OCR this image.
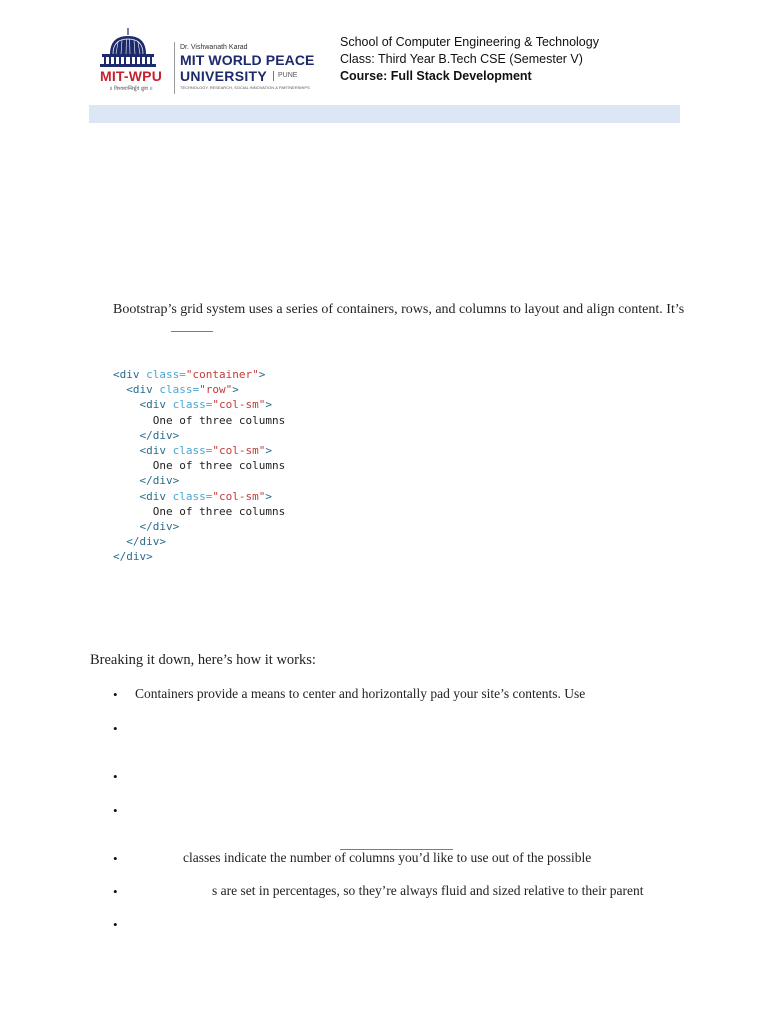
MIT-WPU
॥ विश्वशान्तिर्ध्रुवं ध्रुवा ॥
Dr. Vishwanath Karad
MIT WORLD PEACE
UNIVERSITY	PUNE
TECHNOLOGY, RESEARCH, SOCIAL INNOVATION & PARTNERSHIPS
School of Computer Engineering & Technology
Class: Third Year B.Tech CSE (Semester V)
Course: Full Stack Development
Bootstrap’s grid system uses a series of containers, rows, and columns to layout and align content. It’s
<div class="container">
<div class="row">
<div class="col-sm">
One of three columns
</div>
<div class="col-sm">
One of three columns
</div>
<div class="col-sm">
One of three columns
</div>
</div>
</div>
Breaking it down, here’s how it works:
• Containers provide a means to center and horizontally pad your site’s contents. Use
•
•
•
•	classes indicate the number of columns you’d like to use out of the possible
•	s are set in percentages, so they’re always fluid and sized relative to their parent
•
